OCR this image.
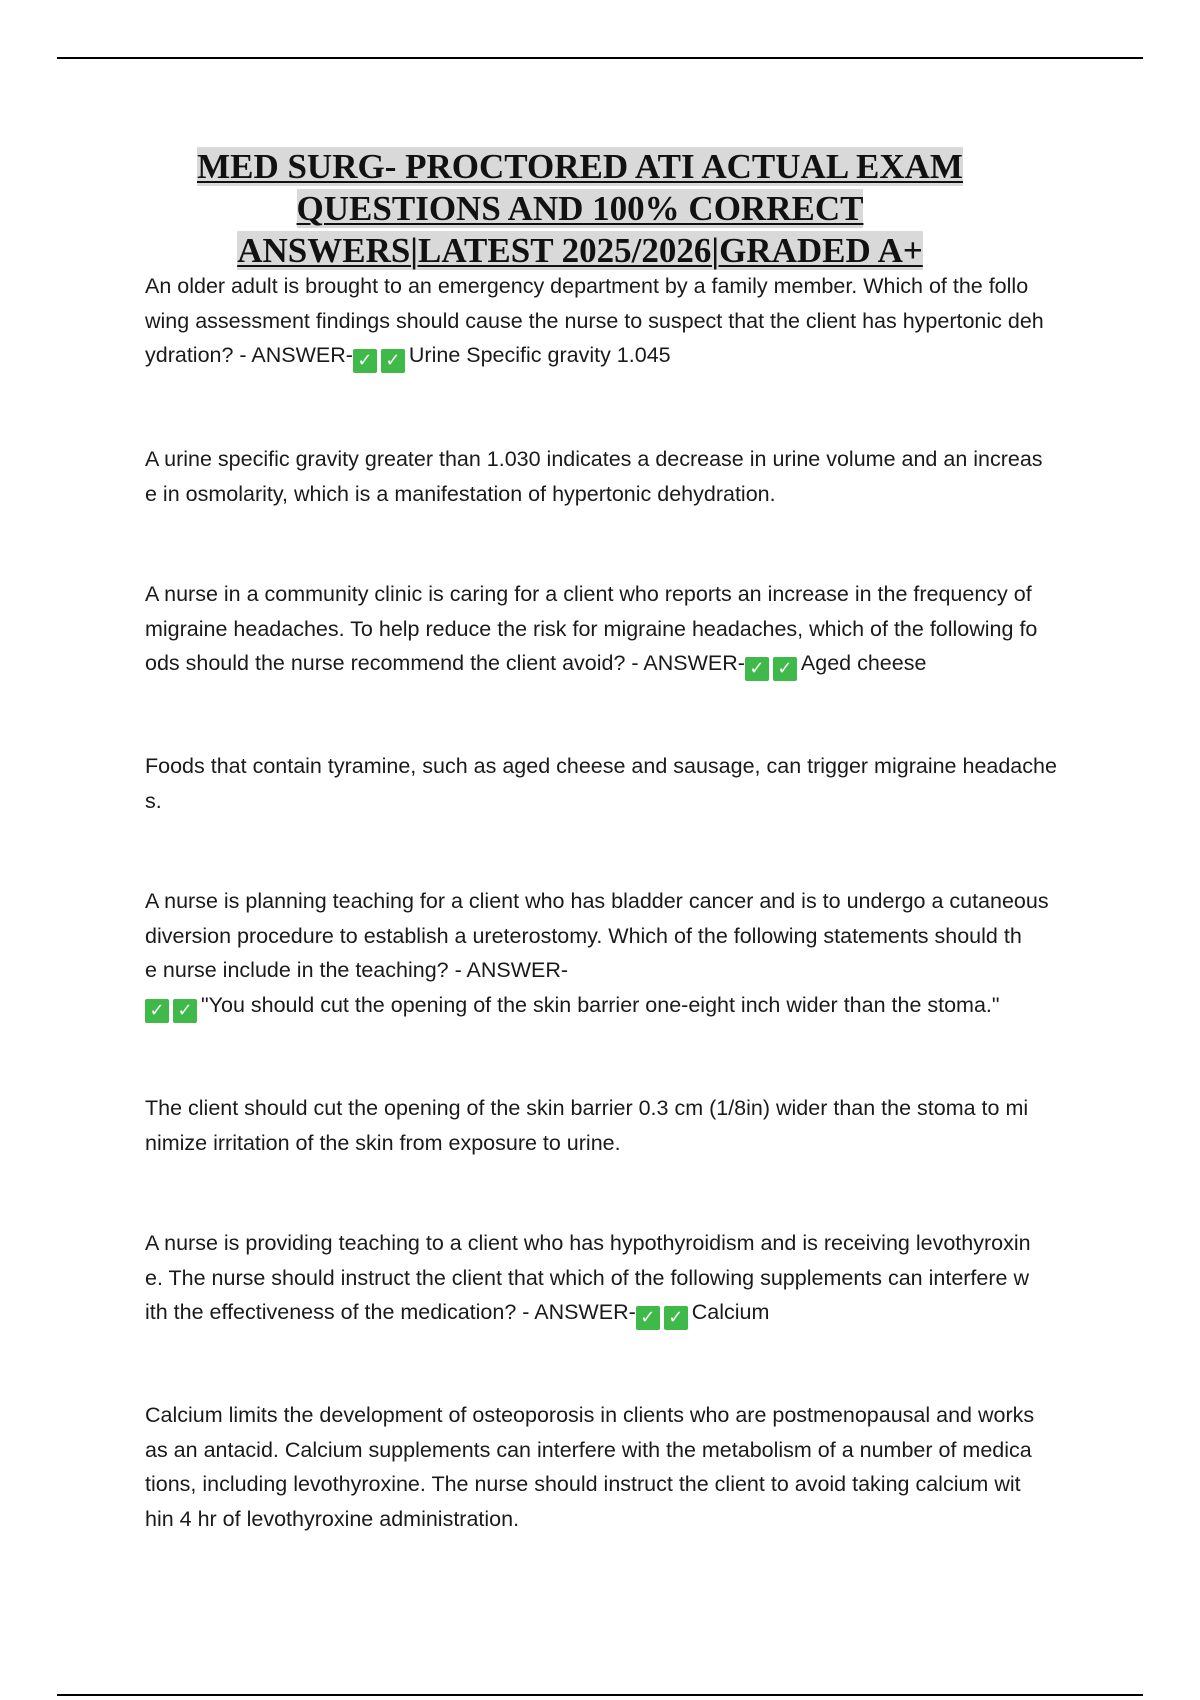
MED SURG- PROCTORED ATI ACTUAL EXAM
QUESTIONS AND 100% CORRECT
ANSWERS|LATEST 2025/2026|GRADED A+

An older adult is brought to an emergency department by a family member. Which of the follo
wing assessment findings should cause the nurse to suspect that the client has hypertonic deh
ydration? - ANSWER- ✓ ✓ Urine Specific gravity 1.045

A urine specific gravity greater than 1.030 indicates a decrease in urine volume and an increas
e in osmolarity, which is a manifestation of hypertonic dehydration.

A nurse in a community clinic is caring for a client who reports an increase in the frequency of
migraine headaches. To help reduce the risk for migraine headaches, which of the following fo
ods should the nurse recommend the client avoid? - ANSWER- ✓ ✓ Aged cheese

Foods that contain tyramine, such as aged cheese and sausage, can trigger migraine headache
s.

A nurse is planning teaching for a client who has bladder cancer and is to undergo a cutaneous
diversion procedure to establish a ureterostomy. Which of the following statements should th
e nurse include in the teaching? - ANSWER-
✓ ✓ "You should cut the opening of the skin barrier one-eight inch wider than the stoma."

The client should cut the opening of the skin barrier 0.3 cm (1/8in) wider than the stoma to mi
nimize irritation of the skin from exposure to urine.

A nurse is providing teaching to a client who has hypothyroidism and is receiving levothyroxin
e. The nurse should instruct the client that which of the following supplements can interfere w
ith the effectiveness of the medication? - ANSWER- ✓ ✓ Calcium

Calcium limits the development of osteoporosis in clients who are postmenopausal and works
as an antacid. Calcium supplements can interfere with the metabolism of a number of medica
tions, including levothyroxine. The nurse should instruct the client to avoid taking calcium wit
hin 4 hr of levothyroxine administration.
